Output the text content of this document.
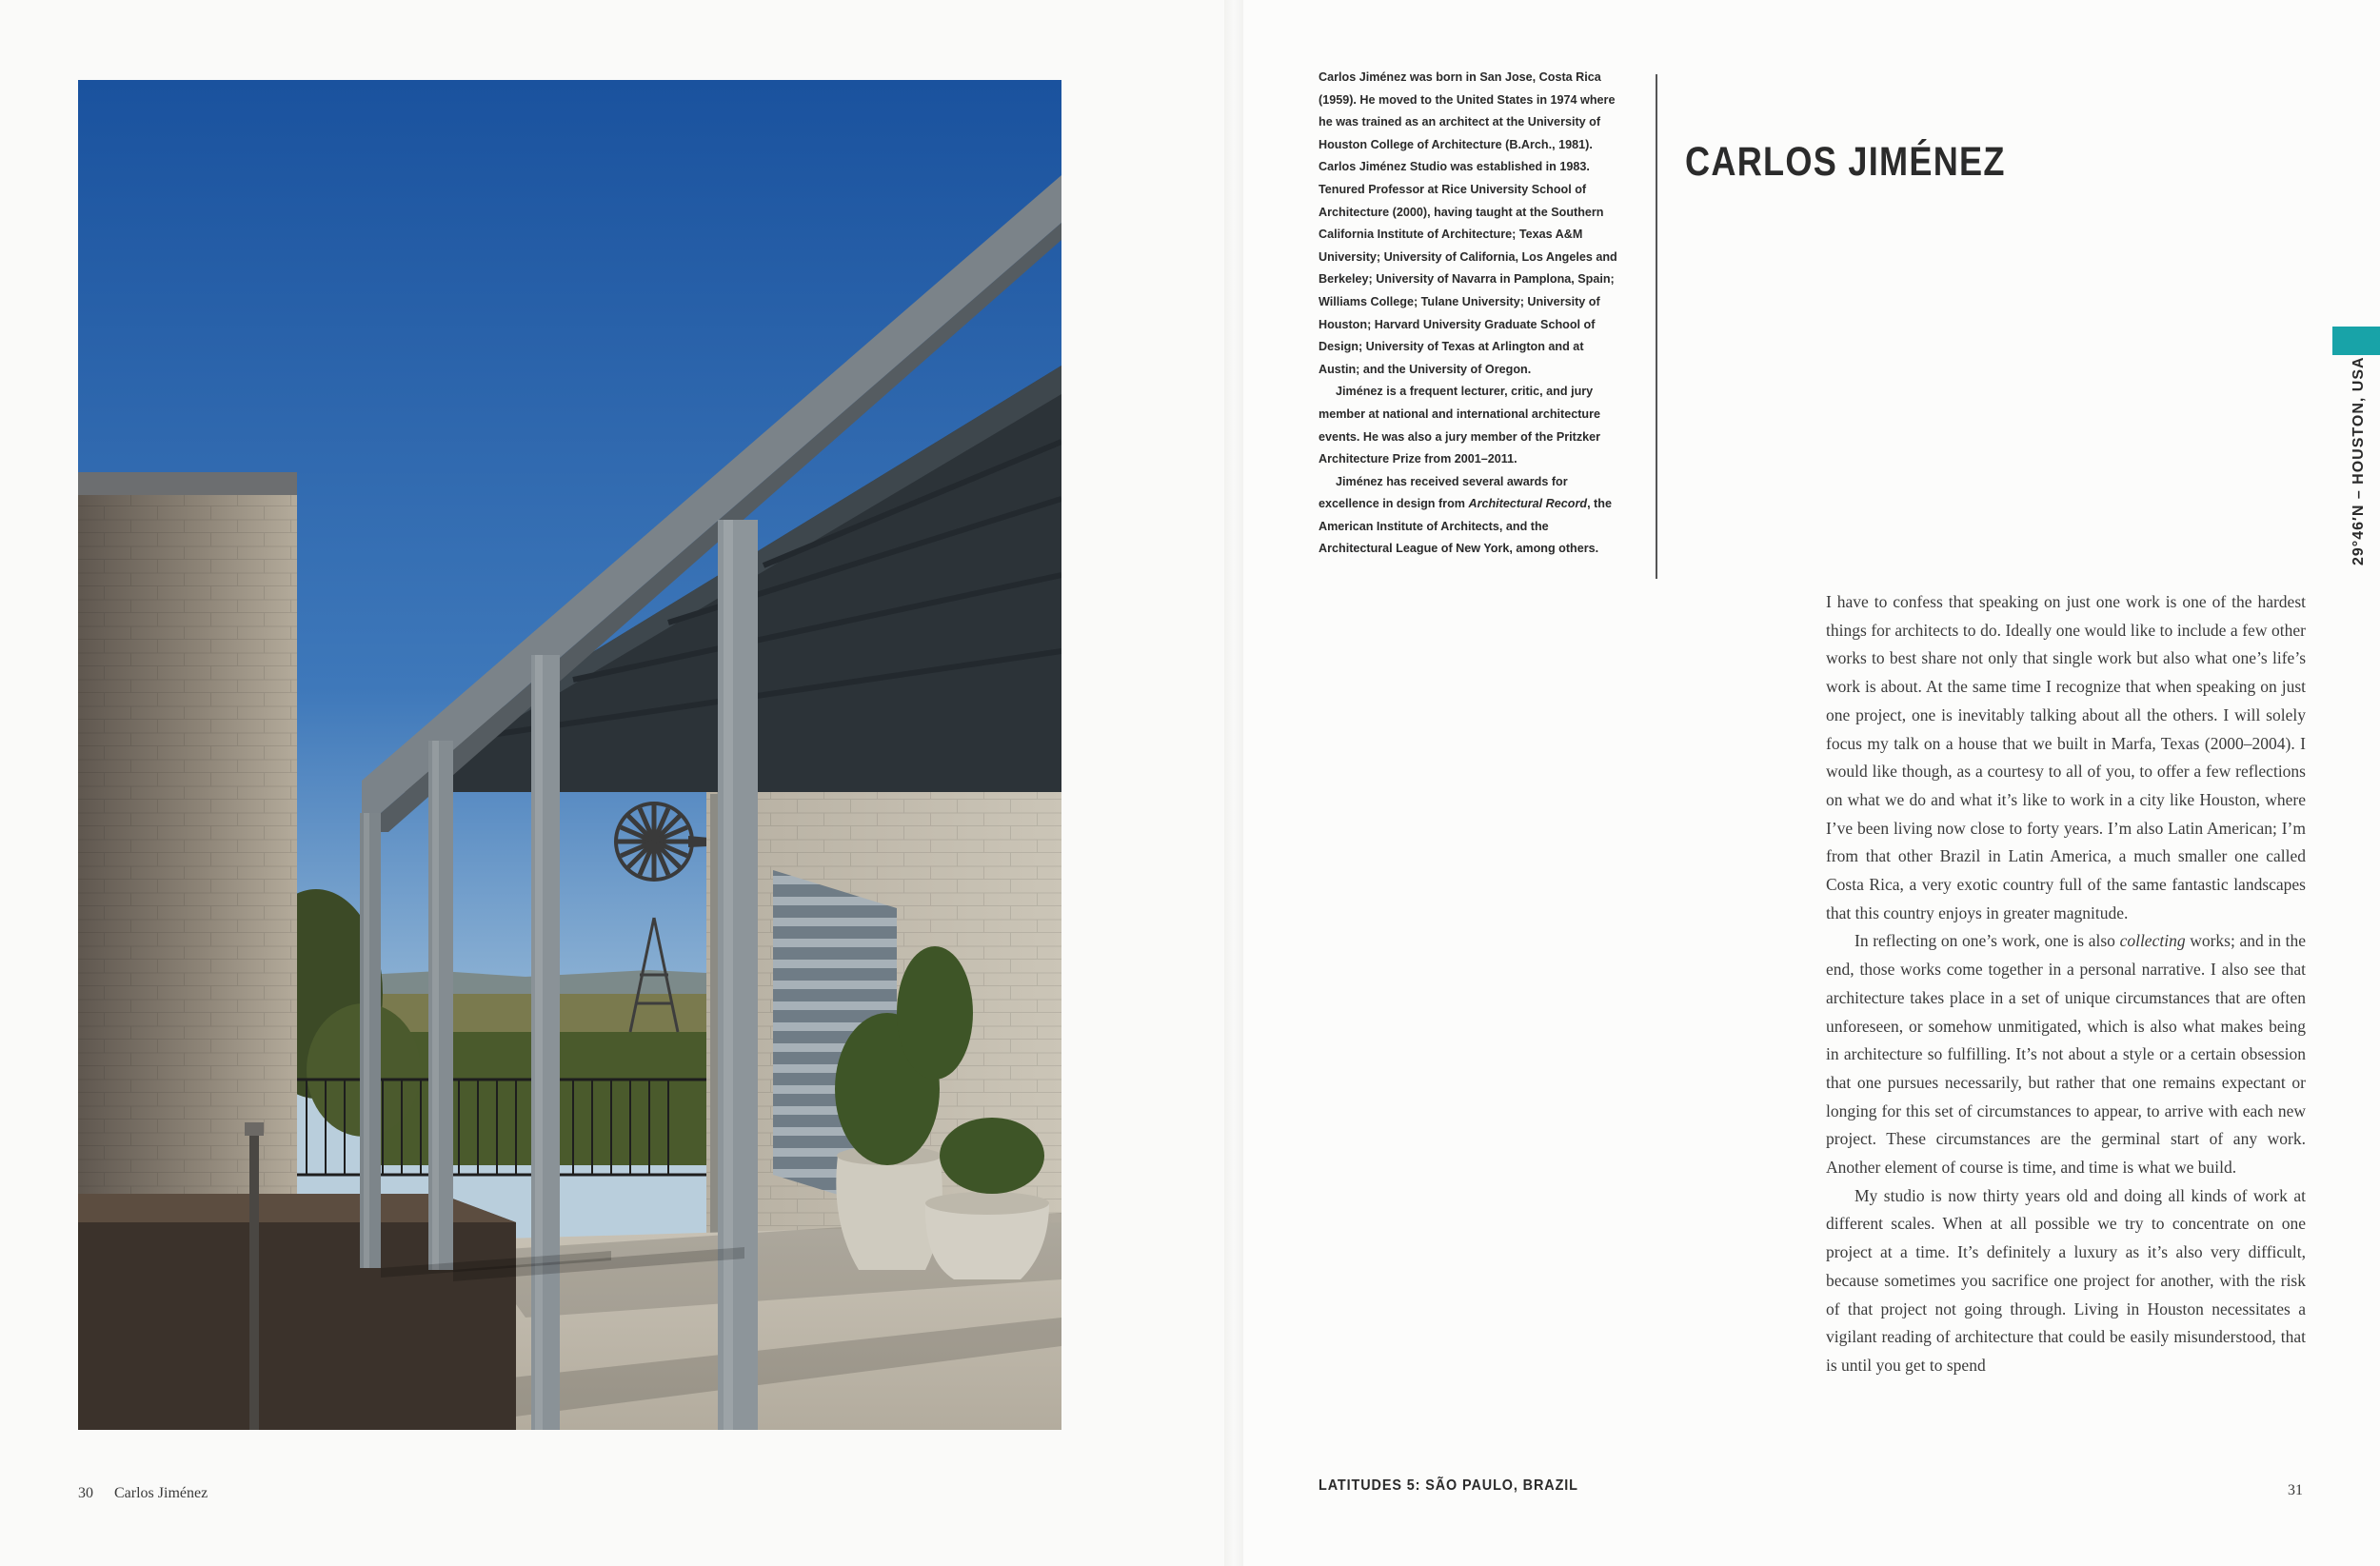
Carlos Jiménez was born in San Jose, Costa Rica (1959). He moved to the United States in 1974 where he was trained as an architect at the University of Houston College of Architecture (B.Arch., 1981). Carlos Jiménez Studio was established in 1983. Tenured Professor at Rice University School of Architecture (2000), having taught at the Southern California Institute of Architecture; Texas A&M University; University of California, Los Angeles and Berkeley; University of Navarra in Pamplona, Spain; Williams College; Tulane University; University of Houston; Harvard University Graduate School of Design; University of Texas at Arlington and at Austin; and the University of Oregon.

Jiménez is a frequent lecturer, critic, and jury member at national and international architecture events. He was also a jury member of the Pritzker Architecture Prize from 2001–2011.

Jiménez has received several awards for excellence in design from Architectural Record, the American Institute of Architects, and the Architectural League of New York, among others.

CARLOS JIMÉNEZ
29°46′N – HOUSTON, USA

I have to confess that speaking on just one work is one of the hardest things for architects to do. Ideally one would like to include a few other works to best share not only that single work but also what one’s life’s work is about. At the same time I recognize that when speaking on just one project, one is inevitably talking about all the others. I will solely focus my talk on a house that we built in Marfa, Texas (2000–2004). I would like though, as a courtesy to all of you, to offer a few reflections on what we do and what it’s like to work in a city like Houston, where I’ve been living now close to forty years. I’m also Latin American; I’m from that other Brazil in Latin America, a much smaller one called Costa Rica, a very exotic country full of the same fantastic landscapes that this country enjoys in greater magnitude.

In reflecting on one’s work, one is also collecting works; and in the end, those works come together in a personal narrative. I also see that architecture takes place in a set of unique circumstances that are often unforeseen, or somehow unmitigated, which is also what makes being in architecture so fulfilling. It’s not about a style or a certain obsession that one pursues necessarily, but rather that one remains expectant or longing for this set of circumstances to appear, to arrive with each new project. These circumstances are the germinal start of any work. Another element of course is time, and time is what we build.

My studio is now thirty years old and doing all kinds of work at different scales. When at all possible we try to concentrate on one project at a time. It’s definitely a luxury as it’s also very difficult, because sometimes you sacrifice one project for another, with the risk of that project not going through. Living in Houston necessitates a vigilant reading of architecture that could be easily misunderstood, that is until you get to spend

30 Carlos Jiménez	LATITUDES 5: SÃO PAULO, BRAZIL	31
